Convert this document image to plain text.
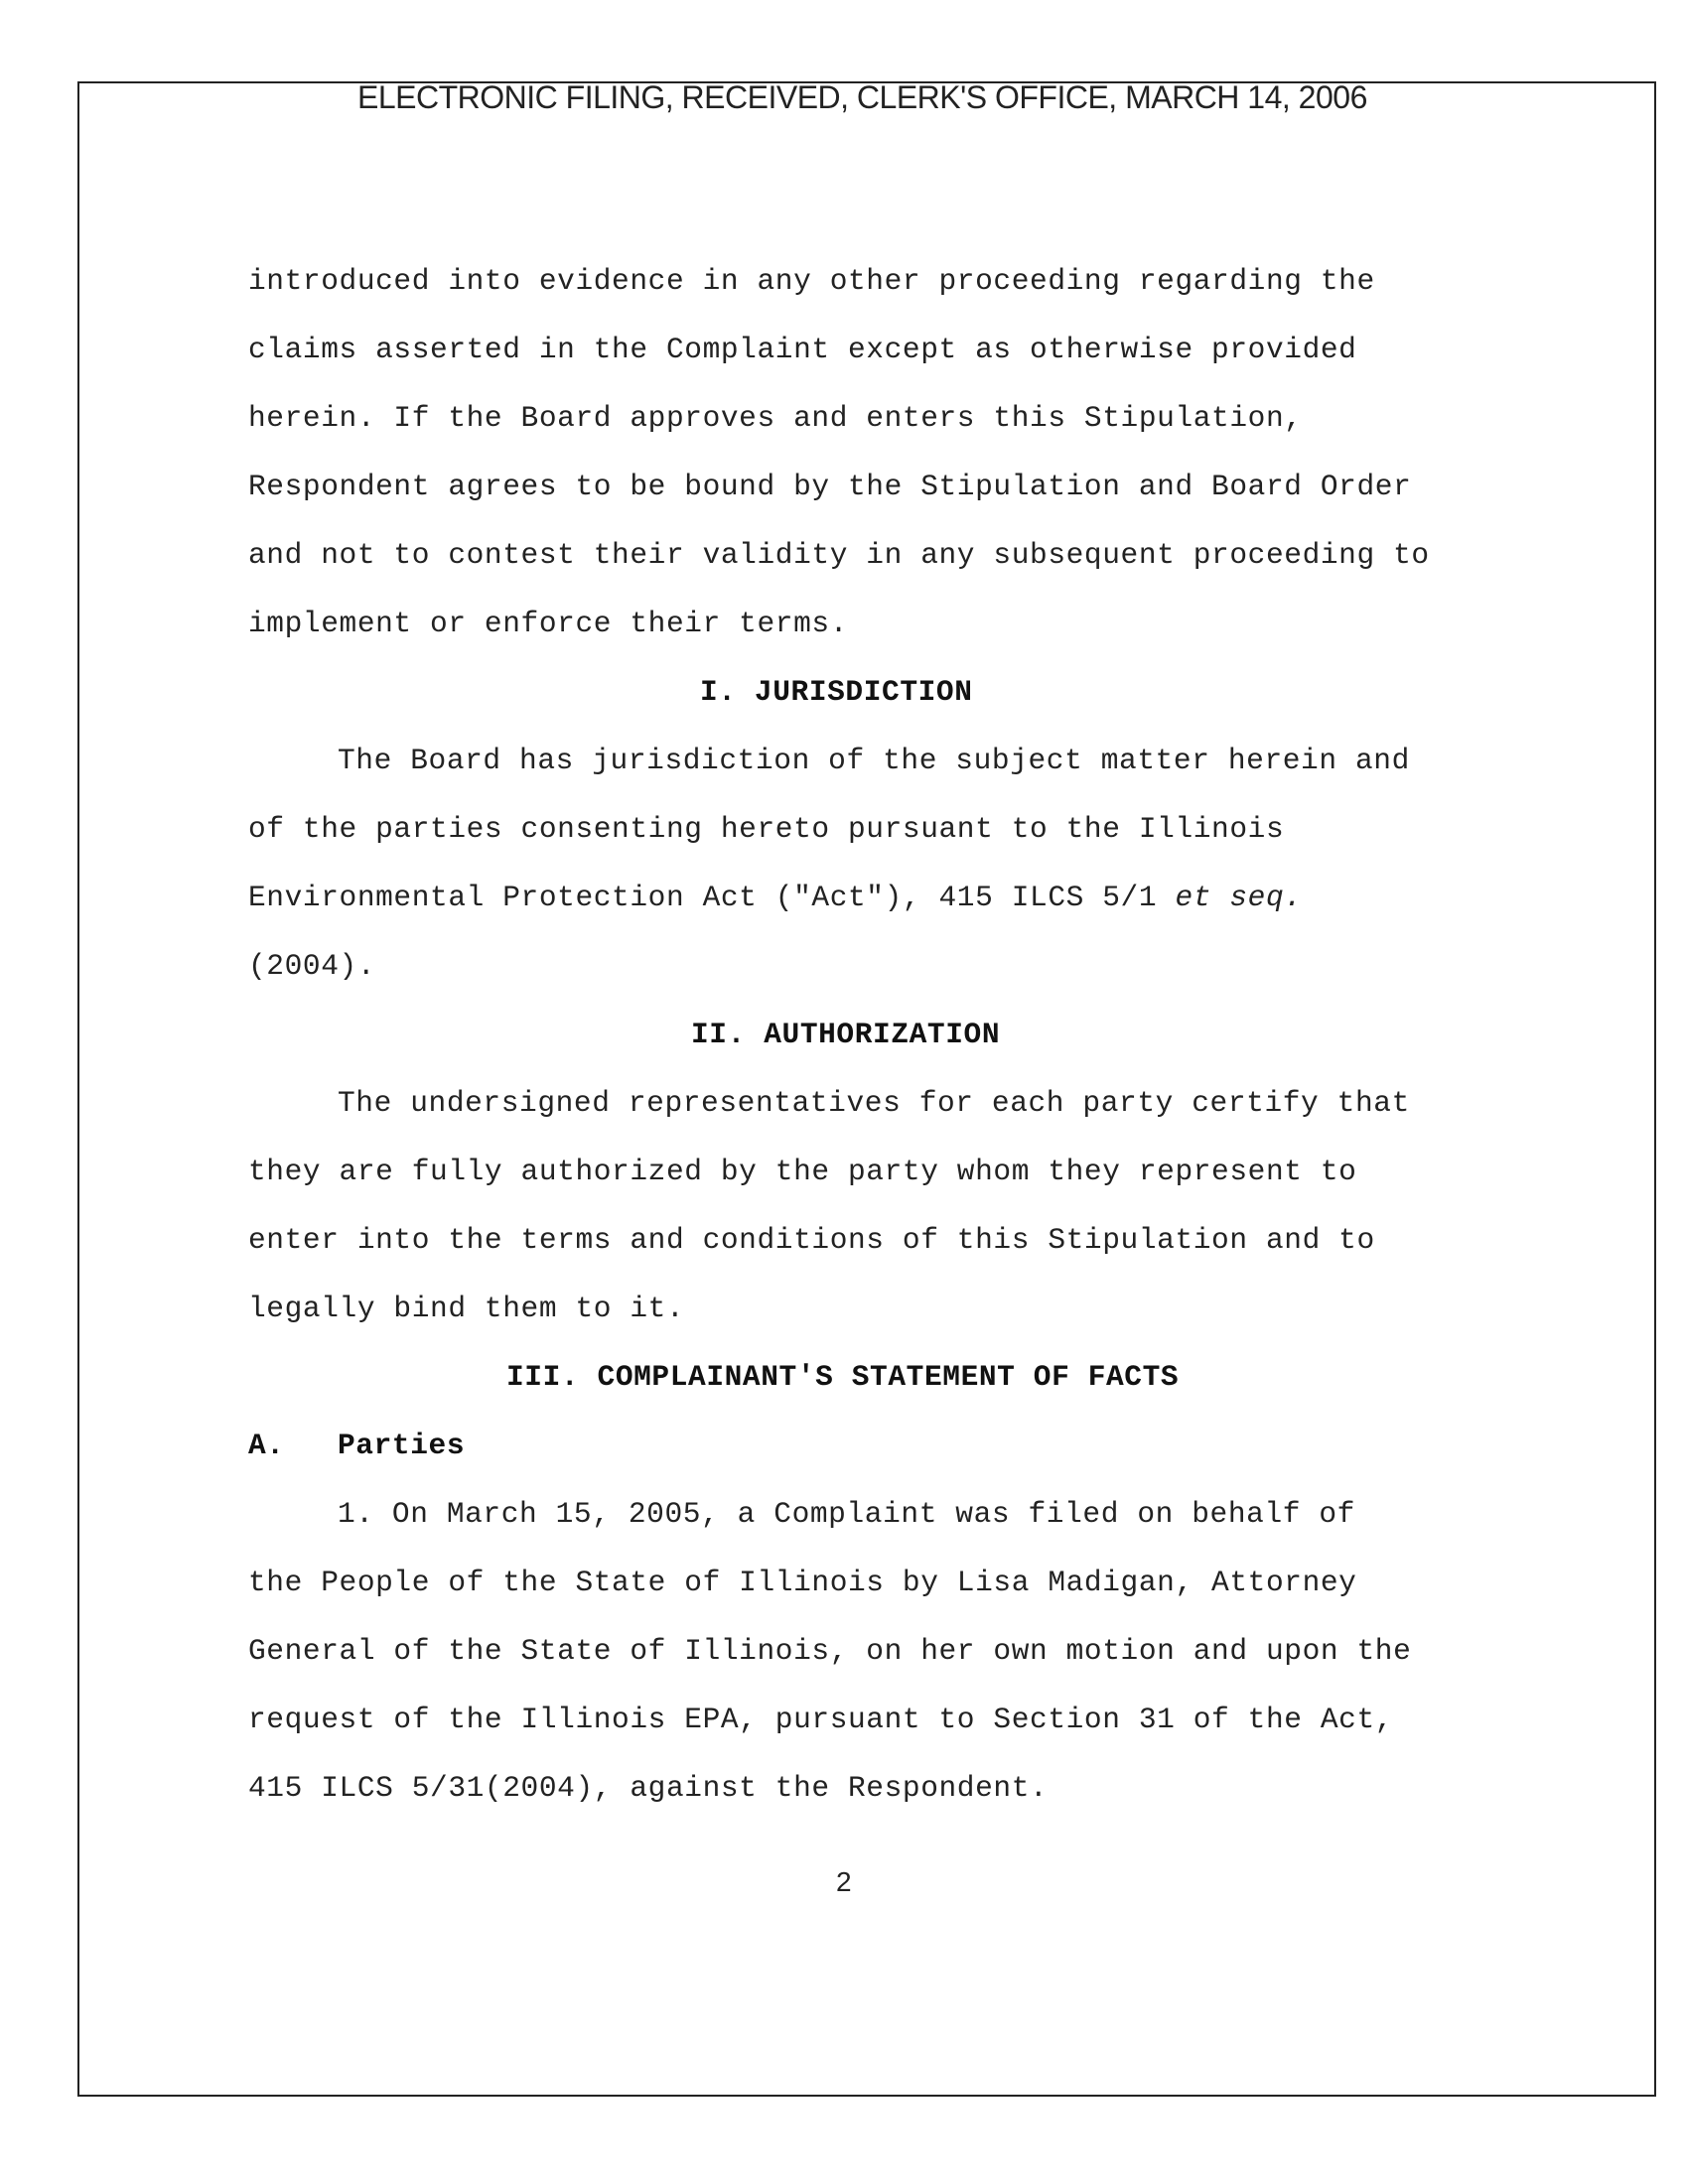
ELECTRONIC FILING, RECEIVED, CLERK'S OFFICE, MARCH 14, 2006
introduced into evidence in any other proceeding regarding the
claims asserted in the Complaint except as otherwise provided
herein. If the Board approves and enters this Stipulation,
Respondent agrees to be bound by the Stipulation and Board Order
and not to contest their validity in any subsequent proceeding to
implement or enforce their terms.
The Board has jurisdiction of the subject matter herein and
of the parties consenting hereto pursuant to the Illinois
Environmental Protection Act ("Act"), 415 ILCS 5/1 et seq.
(2004).
The undersigned representatives for each party certify that
they are fully authorized by the party whom they represent to
enter into the terms and conditions of this Stipulation and to
legally bind them to it.
1. On March 15, 2005, a Complaint was filed on behalf of
the People of the State of Illinois by Lisa Madigan, Attorney
General of the State of Illinois, on her own motion and upon the
request of the Illinois EPA, pursuant to Section 31 of the Act,
415 ILCS 5/31(2004), against the Respondent.
I. JURISDICTION
II. AUTHORIZATION
III. COMPLAINANT'S STATEMENT OF FACTS
A. Parties
2
